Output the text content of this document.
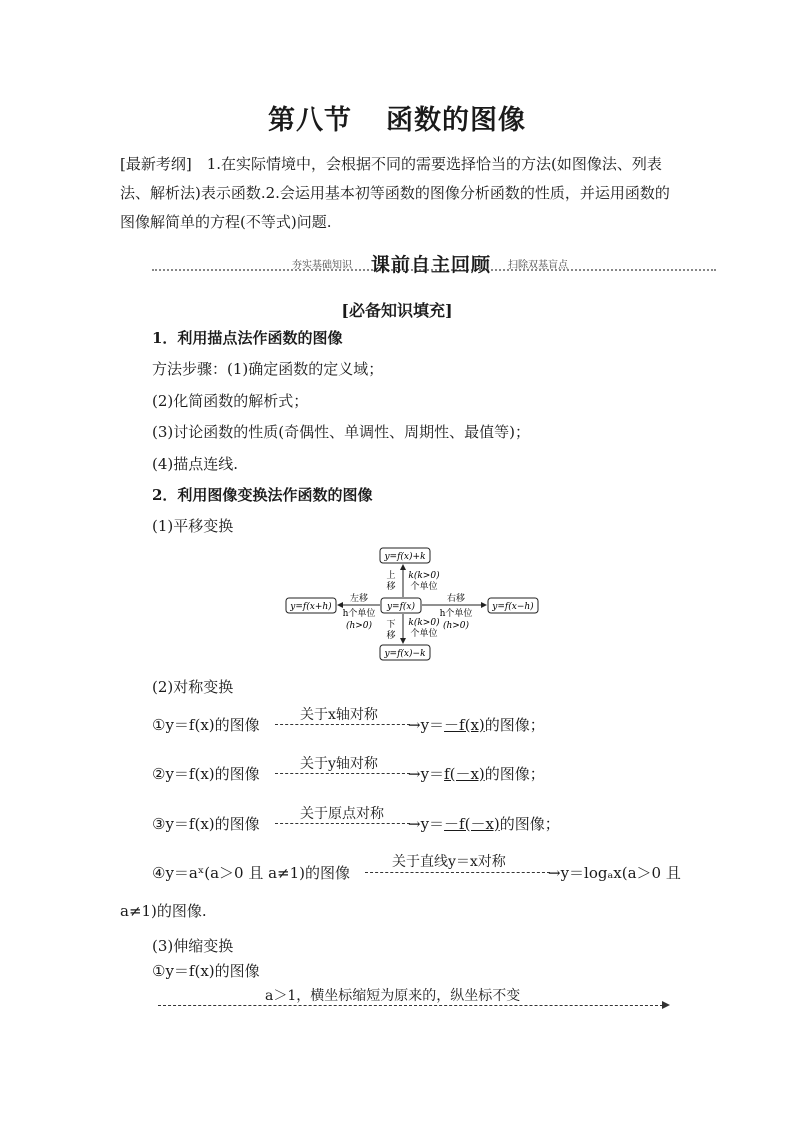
第八节 函数的图像
[最新考纲]　1.在实际情境中，会根据不同的需要选择恰当的方法(如图像法、列表法、解析法)表示函数.2.会运用基本初等函数的图像分析函数的性质，并运用函数的图像解简单的方程(不等式)问题.
夯实基础知识 课前自主回顾 扫除双基盲点
[必备知识填充]
1．利用描点法作函数的图像
方法步骤：(1)确定函数的定义域；
(2)化简函数的解析式；
(3)讨论函数的性质(奇偶性、单调性、周期性、最值等)；
(4)描点连线.
2．利用图像变换法作函数的图像
(1)平移变换
y=f(x)+k
y=f(x)
y=f(x+h)	y=f(x−h)
y=f(x)−k
上
移
k(k>0)
个单位
下
移
k(k>0)
个单位
左移
h个单位
(h>0)
右移
h个单位
(h>0)
(2)对称变换
①y＝f(x)的图像
关于x轴对称
→y＝－f(x)的图像；
②y＝f(x)的图像
关于y轴对称
→y＝f(－x)的图像；
③y＝f(x)的图像
关于原点对称
→y＝－f(－x)的图像；
④y＝aˣ(a＞0 且 a≠1)的图像
关于直线y＝x对称
→y＝logₐx(a＞0 且
a≠1)的图像.
(3)伸缩变换
①y＝f(x)的图像
a＞1，横坐标缩短为原来的，纵坐标不变
